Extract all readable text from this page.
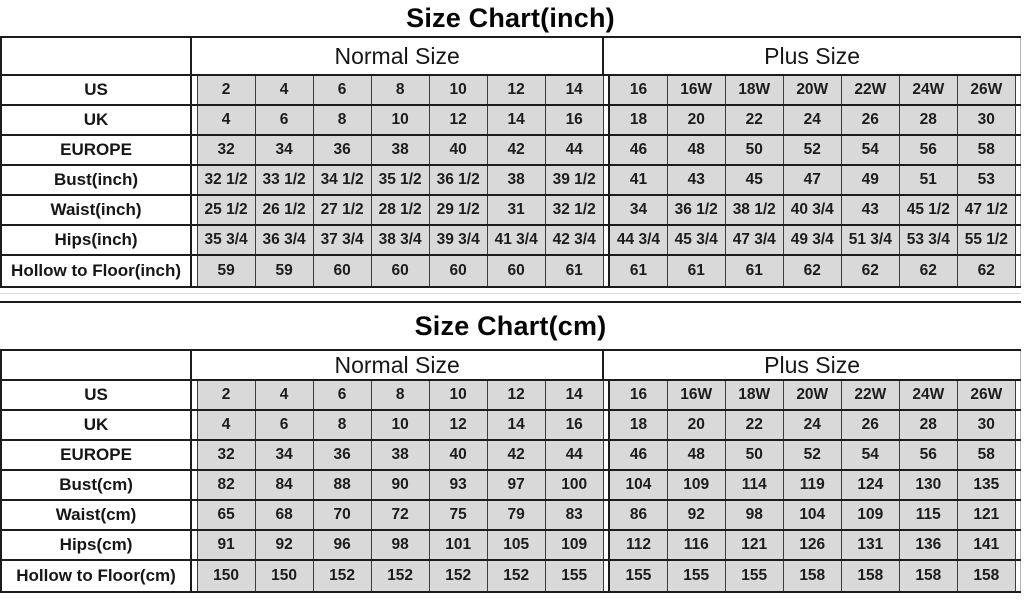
Size Chart(inch)
	Normal Size								Plus Size								
US		2	4	6	8	10	12	14		16	16W	18W	20W	22W	24W	26W	
UK		4	6	8	10	12	14	16		18	20	22	24	26	28	30	
EUROPE		32	34	36	38	40	42	44		46	48	50	52	54	56	58	
Bust(inch)		32 1/2	33 1/2	34 1/2	35 1/2	36 1/2	38	39 1/2		41	43	45	47	49	51	53	
Waist(inch)		25 1/2	26 1/2	27 1/2	28 1/2	29 1/2	31	32 1/2		34	36 1/2	38 1/2	40 3/4	43	45 1/2	47 1/2	
Hips(inch)		35 3/4	36 3/4	37 3/4	38 3/4	39 3/4	41 3/4	42 3/4		44 3/4	45 3/4	47 3/4	49 3/4	51 3/4	53 3/4	55 1/2	
Hollow to Floor(inch)		59	59	60	60	60	60	61		61	61	61	62	62	62	62	
Size Chart(cm)
	Normal Size								Plus Size								
US		2	4	6	8	10	12	14		16	16W	18W	20W	22W	24W	26W	
UK		4	6	8	10	12	14	16		18	20	22	24	26	28	30	
EUROPE		32	34	36	38	40	42	44		46	48	50	52	54	56	58	
Bust(cm)		82	84	88	90	93	97	100		104	109	114	119	124	130	135	
Waist(cm)		65	68	70	72	75	79	83		86	92	98	104	109	115	121	
Hips(cm)		91	92	96	98	101	105	109		112	116	121	126	131	136	141	
Hollow to Floor(cm)		150	150	152	152	152	152	155		155	155	155	158	158	158	158	
